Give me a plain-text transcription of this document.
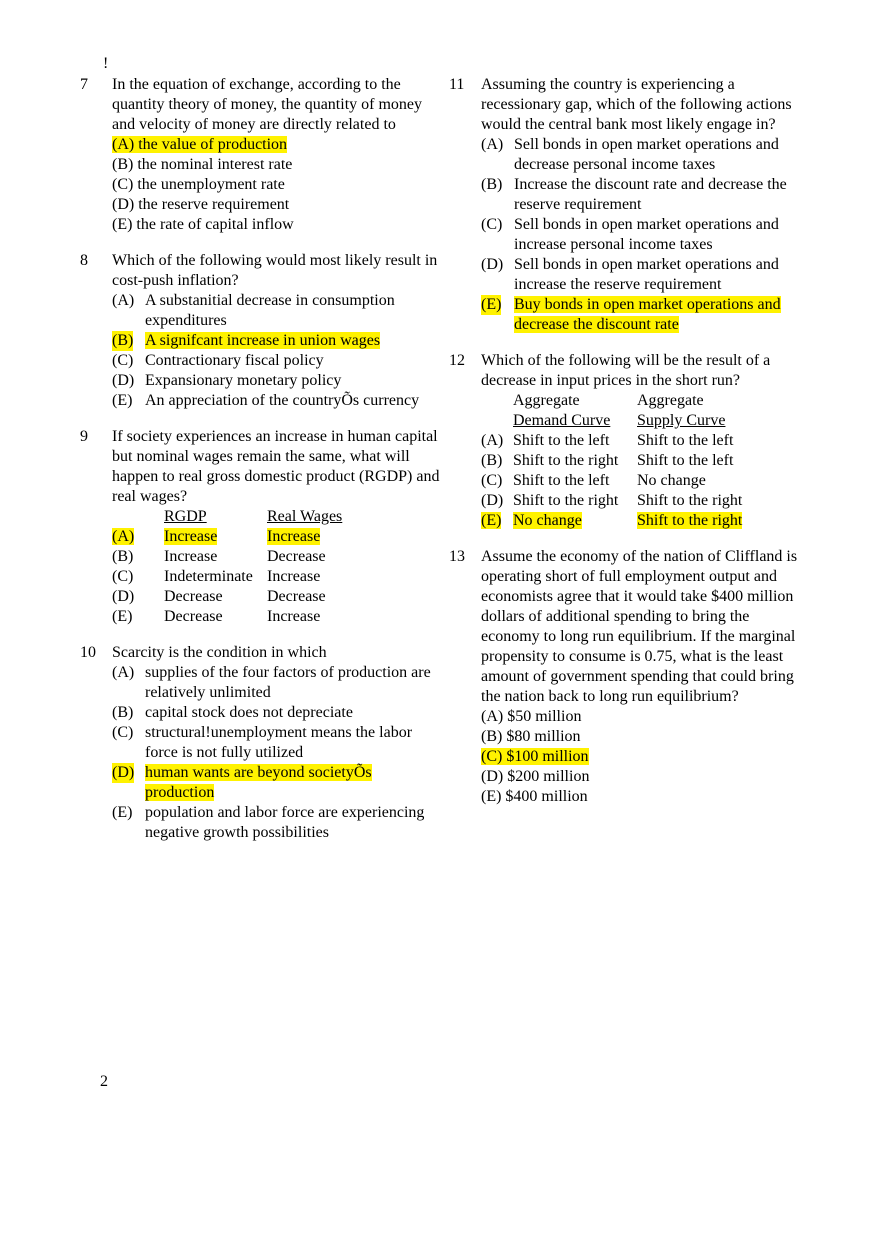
!
7 In the equation of exchange, according to the quantity theory of money, the quantity of money and velocity of money are directly related to
(A) the value of production
(B) the nominal interest rate
(C) the unemployment rate
(D) the reserve requirement
(E) the rate of capital inflow
8 Which of the following would most likely result in cost-push inflation?
(A) A substanitial decrease in consumption expenditures
(B) A signifcant increase in union wages
(C) Contractionary fiscal policy
(D) Expansionary monetary policy
(E) An appreciation of the countryÕs currency
9 If society experiences an increase in human capital but nominal wages remain the same, what will happen to real gross domestic product (RGDP) and real wages?
	RGDP	Real Wages
(A)	Increase	Increase
(B)	Increase	Decrease
(C)	Indeterminate	Increase
(D)	Decrease	Decrease
(E)	Decrease	Increase
10 Scarcity is the condition in which
(A) supplies of the four factors of production are relatively unlimited
(B) capital stock does not depreciate
(C) structural!unemployment means the labor force is not fully utilized
(D) human wants are beyond societyÕs production
(E) population and labor force are experiencing negative growth possibilities
11 Assuming the country is experiencing a recessionary gap, which of the following actions would the central bank most likely engage in?
(A) Sell bonds in open market operations and decrease personal income taxes
(B) Increase the discount rate and decrease the reserve requirement
(C) Sell bonds in open market operations and increase personal income taxes
(D) Sell bonds in open market operations and increase the reserve requirement
(E) Buy bonds in open market operations and decrease the discount rate
12 Which of the following will be the result of a decrease in input prices in the short run?
	Aggregate	Aggregate
	Demand Curve	Supply Curve
(A)	Shift to the left	Shift to the left
(B)	Shift to the right	Shift to the left
(C)	Shift to the left	No change
(D)	Shift to the right	Shift to the right
(E)	No change	Shift to the right
13 Assume the economy of the nation of Cliffland is operating short of full employment output and economists agree that it would take $400 million dollars of additional spending to bring the economy to long run equilibrium. If the marginal propensity to consume is 0.75, what is the least amount of government spending that could bring the nation back to long run equilibrium?
(A) $50 million
(B) $80 million
(C) $100 million
(D) $200 million
(E) $400 million
2
